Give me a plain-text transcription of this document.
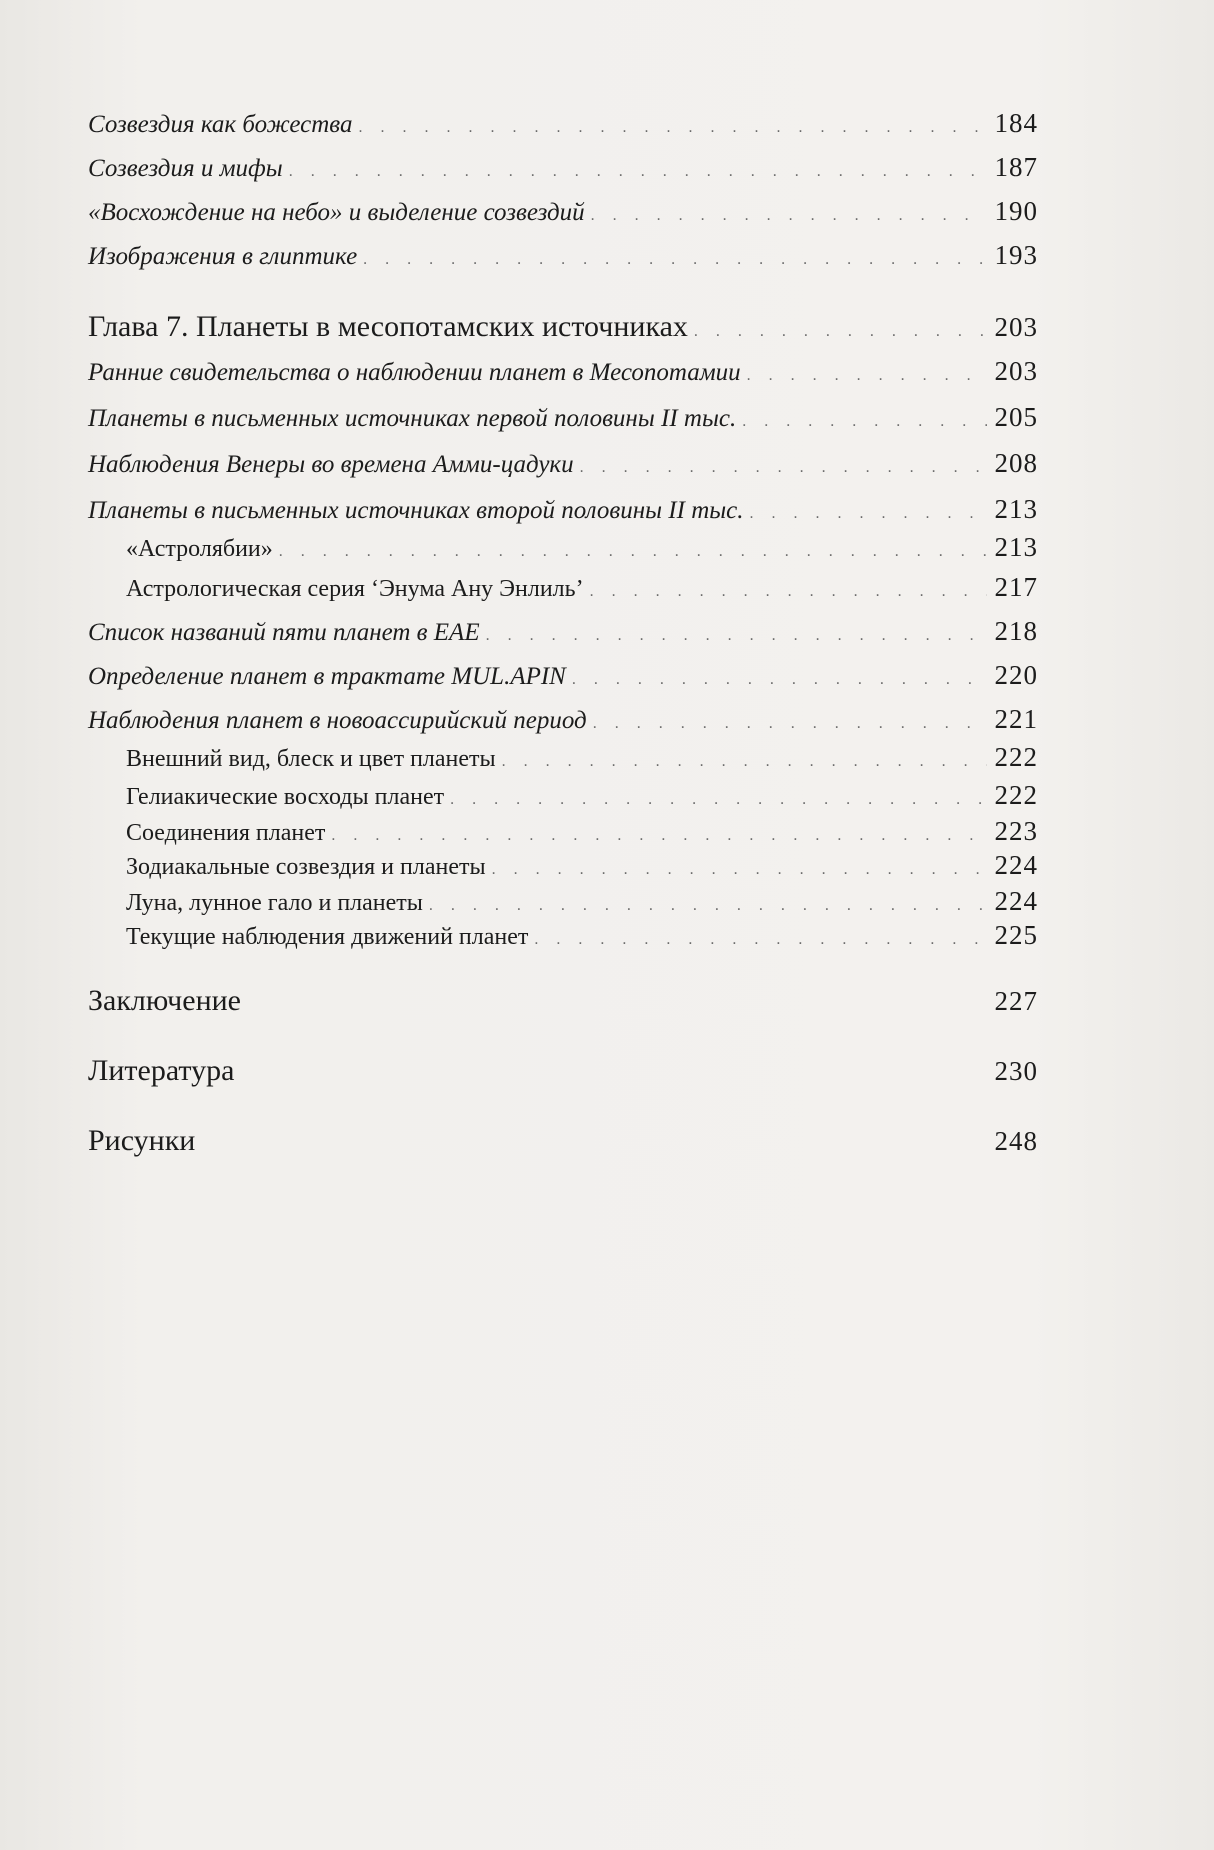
Созвездия как божества . . .	184
Созвездия и мифы . . .	187
«Восхождение на небо» и выделение созвездий . . .	190
Изображения в глиптике . . .	193
Глава 7. Планеты в месопотамских источниках . . .	203
Ранние свидетельства о наблюдении планет в Месопотамии . . .	203
Планеты в письменных источниках первой половины II тыс. . . .	205
Наблюдения Венеры во времена Амми-цадуки . . .	208
Планеты в письменных источниках второй половины II тыс. . . .	213
«Астролябии» . . .	213
Астрологическая серия ‘Энума Ану Энлиль’ . . .	217
Список названий пяти планет в EAE . . .	218
Определение планет в трактате MUL.APIN . . .	220
Наблюдения планет в новоассирийский период . . .	221
Внешний вид, блеск и цвет планеты . . .	222
Гелиакические восходы планет . . .	222
Соединения планет . . .	223
Зодиакальные созвездия и планеты . . .	224
Луна, лунное гало и планеты . . .	224
Текущие наблюдения движений планет . . .	225
Заключение	227
Литература	230
Рисунки	248
